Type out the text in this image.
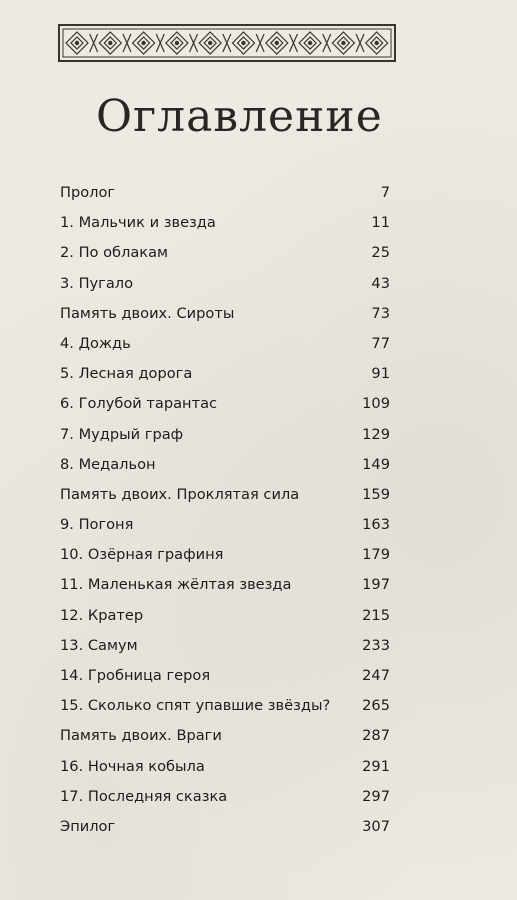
Оглавление
Пролог	7
1. Мальчик и звезда	11
2. По облакам	25
3. Пугало	43
Память двоих. Сироты	73
4. Дождь	77
5. Лесная дорога	91
6. Голубой тарантас	109
7. Мудрый граф	129
8. Медальон	149
Память двоих. Проклятая сила	159
9. Погоня	163
10. Озёрная графиня	179
11. Маленькая жёлтая звезда	197
12. Кратер	215
13. Самум	233
14. Гробница героя	247
15. Сколько спят упавшие звёзды?	265
Память двоих. Враги	287
16. Ночная кобыла	291
17. Последняя сказка	297
Эпилог	307
